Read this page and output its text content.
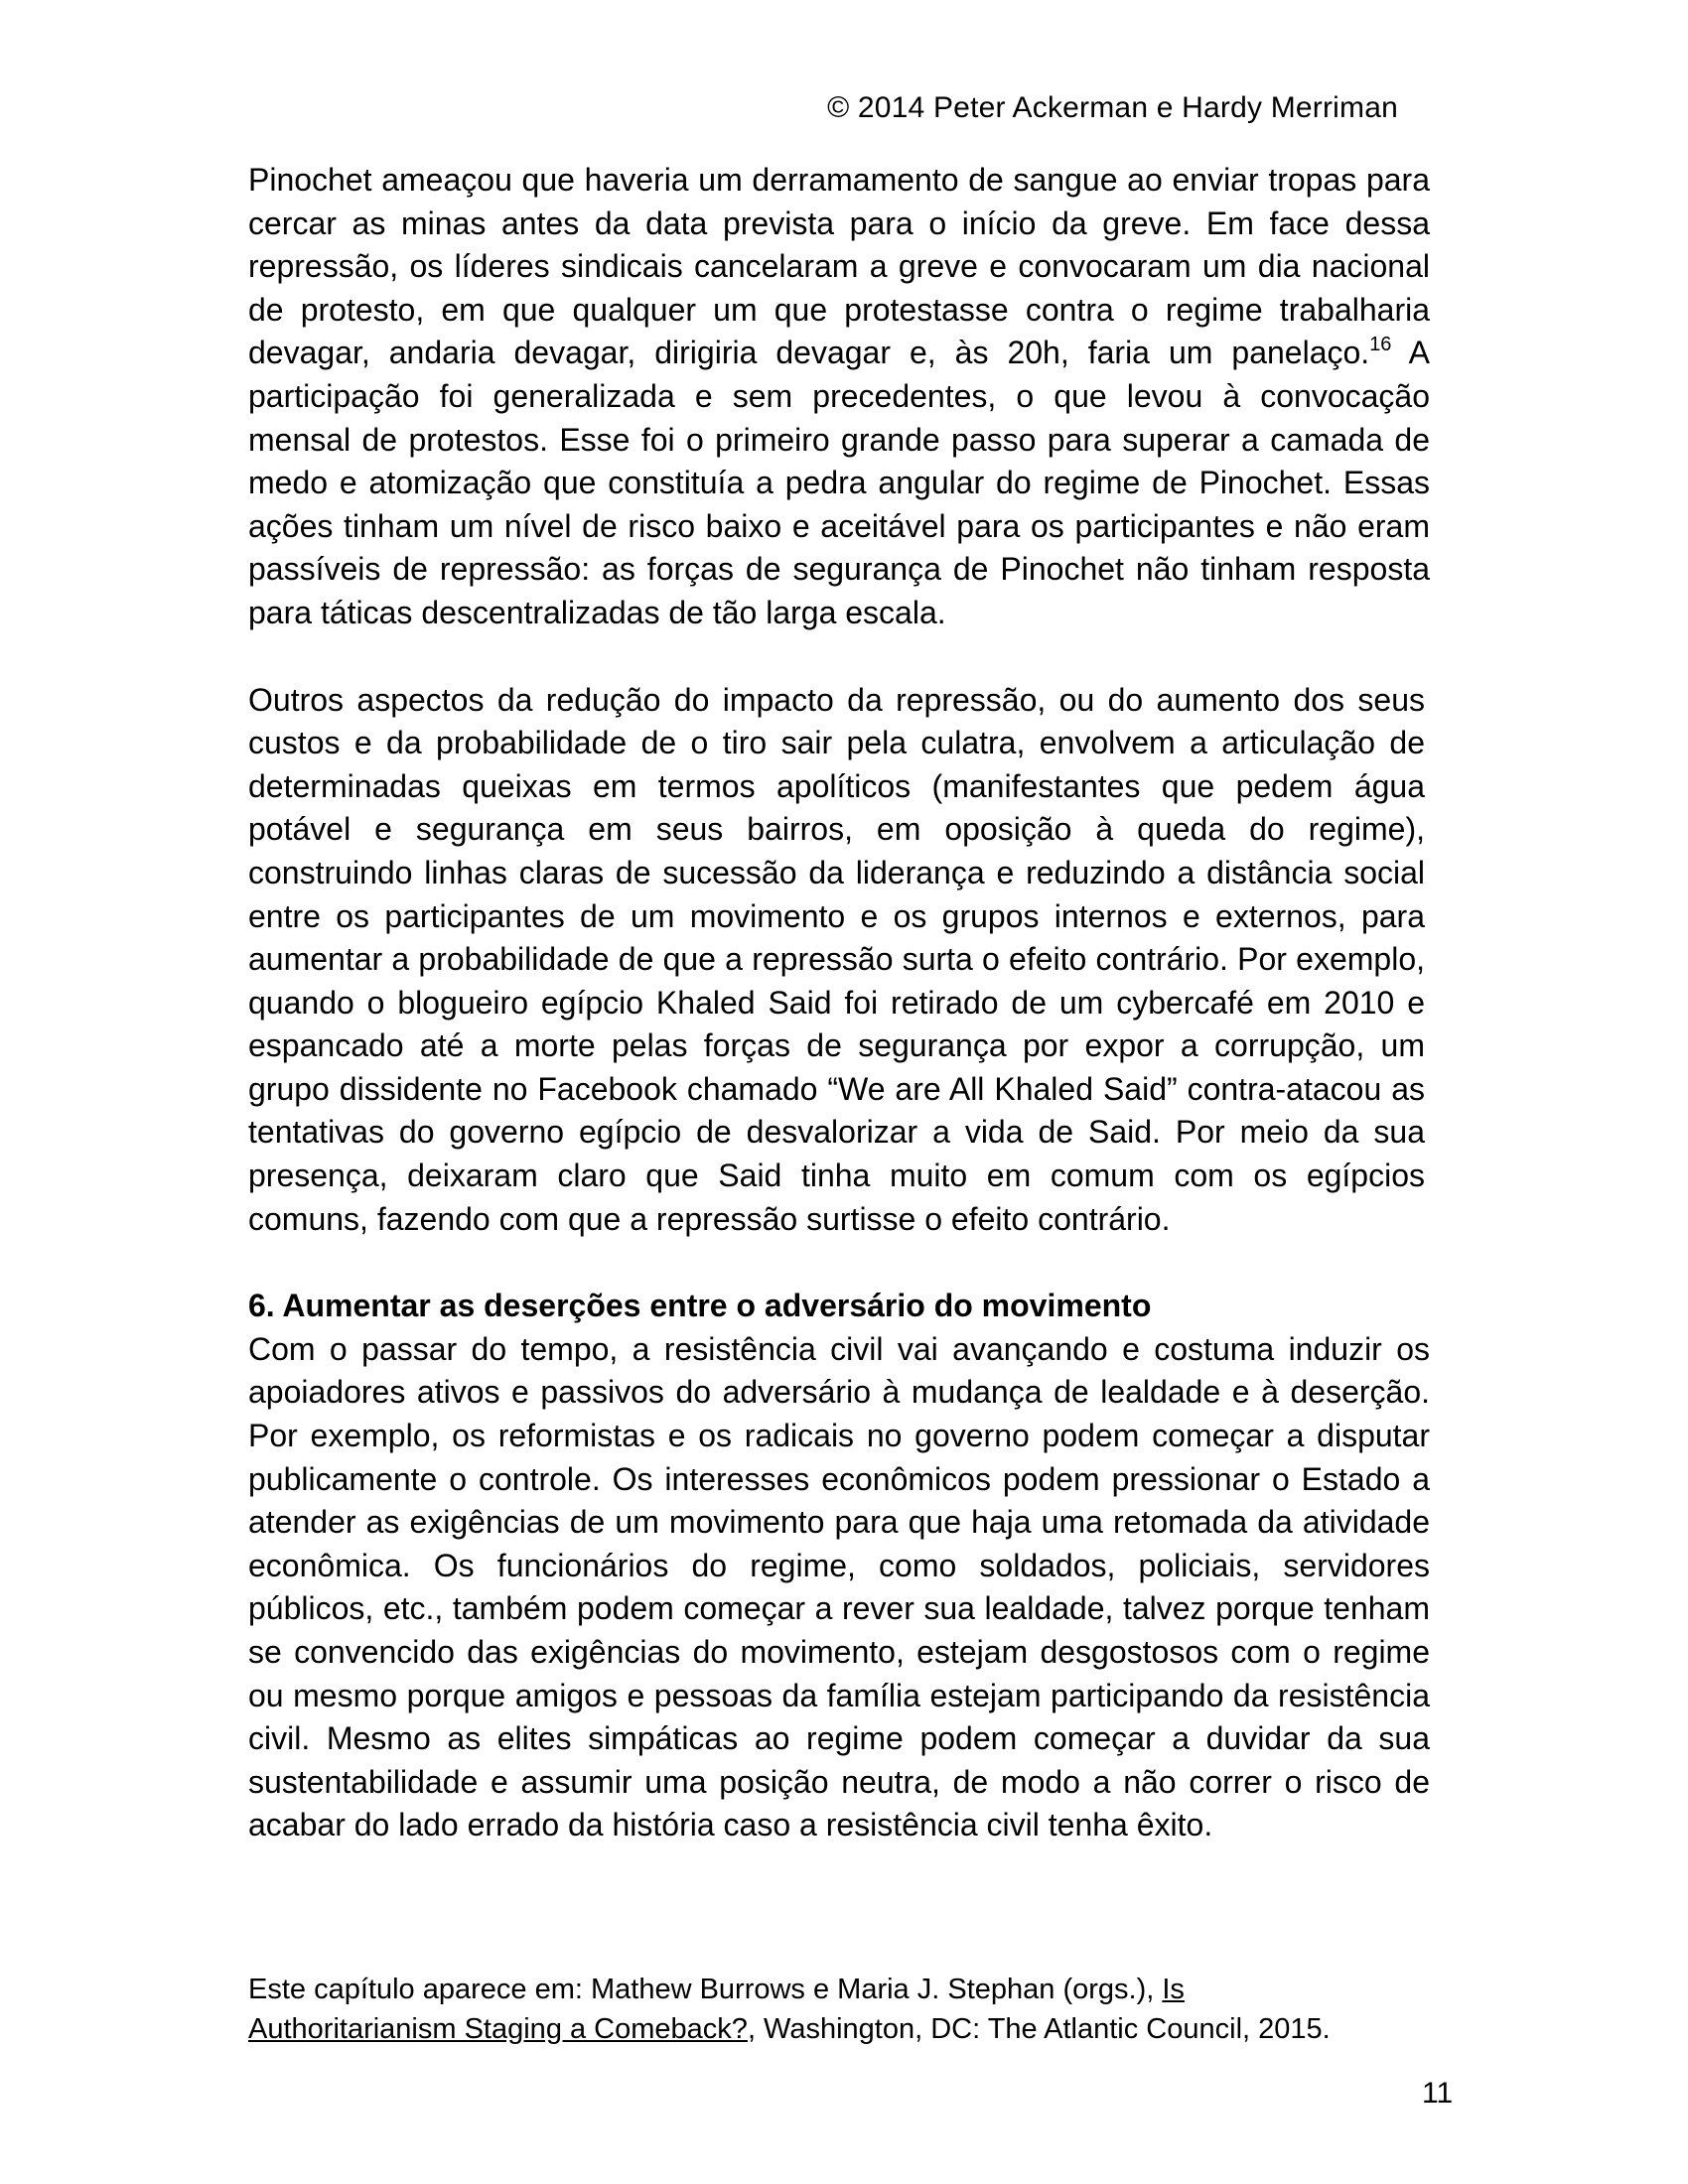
© 2014 Peter Ackerman e Hardy Merriman

Pinochet ameaçou que haveria um derramamento de sangue ao enviar tropas para cercar as minas antes da data prevista para o início da greve. Em face dessa repressão, os líderes sindicais cancelaram a greve e convocaram um dia nacional de protesto, em que qualquer um que protestasse contra o regime trabalharia devagar, andaria devagar, dirigiria devagar e, às 20h, faria um panelaço.$^{16}$ A participação foi generalizada e sem precedentes, o que levou à convocação mensal de protestos. Esse foi o primeiro grande passo para superar a camada de medo e atomização que constituía a pedra angular do regime de Pinochet. Essas ações tinham um nível de risco baixo e aceitável para os participantes e não eram passíveis de repressão: as forças de segurança de Pinochet não tinham resposta para táticas descentralizadas de tão larga escala.

Outros aspectos da redução do impacto da repressão, ou do aumento dos seus custos e da probabilidade de o tiro sair pela culatra, envolvem a articulação de determinadas queixas em termos apolíticos (manifestantes que pedem água potável e segurança em seus bairros, em oposição à queda do regime), construindo linhas claras de sucessão da liderança e reduzindo a distância social entre os participantes de um movimento e os grupos internos e externos, para aumentar a probabilidade de que a repressão surta o efeito contrário. Por exemplo, quando o blogueiro egípcio Khaled Said foi retirado de um cybercafé em 2010 e espancado até a morte pelas forças de segurança por expor a corrupção, um grupo dissidente no Facebook chamado “We are All Khaled Said” contra-atacou as tentativas do governo egípcio de desvalorizar a vida de Said. Por meio da sua presença, deixaram claro que Said tinha muito em comum com os egípcios comuns, fazendo com que a repressão surtisse o efeito contrário.

6. Aumentar as deserções entre o adversário do movimento

Com o passar do tempo, a resistência civil vai avançando e costuma induzir os apoiadores ativos e passivos do adversário à mudança de lealdade e à deserção. Por exemplo, os reformistas e os radicais no governo podem começar a disputar publicamente o controle. Os interesses econômicos podem pressionar o Estado a atender as exigências de um movimento para que haja uma retomada da atividade econômica. Os funcionários do regime, como soldados, policiais, servidores públicos, etc., também podem começar a rever sua lealdade, talvez porque tenham se convencido das exigências do movimento, estejam desgostosos com o regime ou mesmo porque amigos e pessoas da família estejam participando da resistência civil. Mesmo as elites simpáticas ao regime podem começar a duvidar da sua sustentabilidade e assumir uma posição neutra, de modo a não correr o risco de acabar do lado errado da história caso a resistência civil tenha êxito.

Este capítulo aparece em: Mathew Burrows e Maria J. Stephan (orgs.), Is
Authoritarianism Staging a Comeback?, Washington, DC: The Atlantic Council, 2015.
11
